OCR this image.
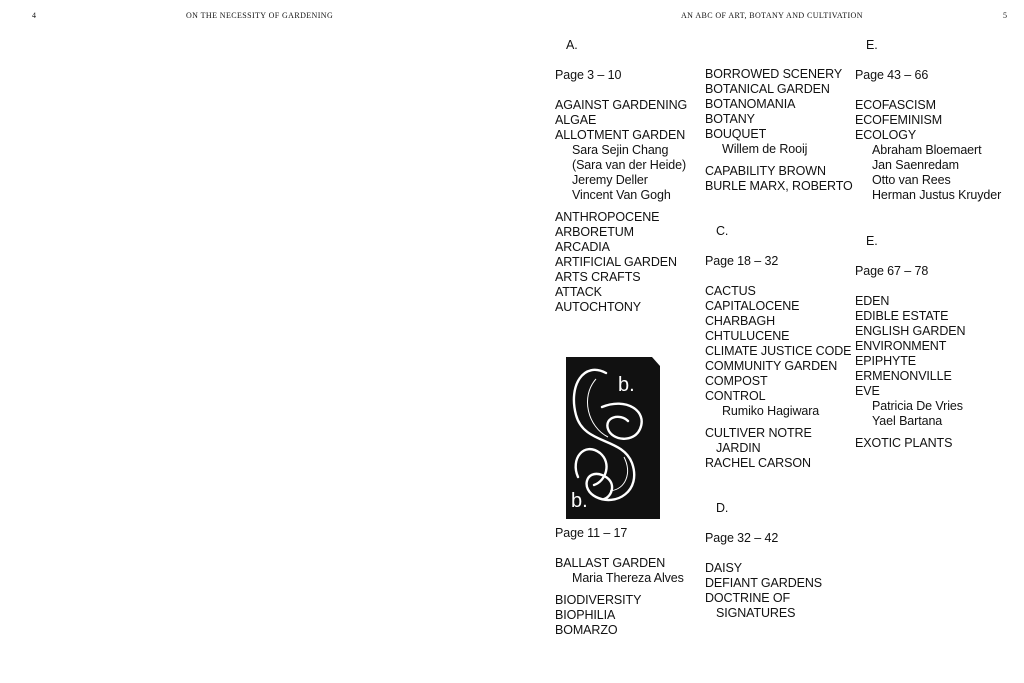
4	ON THE NECESSITY OF GARDENING	AN ABC OF ART, BOTANY AND CULTIVATION	5
A.
Page 3 – 10
AGAINST GARDENING
ALGAE
ALLOTMENT GARDEN
Sara Sejin Chang
(Sara van der Heide)
Jeremy Deller
Vincent Van Gogh
ANTHROPOCENE
ARBORETUM
ARCADIA
ARTIFICIAL GARDEN
ARTS CRAFTS
ATTACK
AUTOCHTONY
b.
b.
Page 11 – 17
BALLAST GARDEN
Maria Thereza Alves
BIODIVERSITY
BIOPHILIA
BOMARZO
BORROWED SCENERY
BOTANICAL GARDEN
BOTANOMANIA
BOTANY
BOUQUET
Willem de Rooij
CAPABILITY BROWN
BURLE MARX, ROBERTO
C.
Page 18 – 32
CACTUS
CAPITALOCENE
CHARBAGH
CHTULUCENE
CLIMATE JUSTICE CODE
COMMUNITY GARDEN
COMPOST
CONTROL
Rumiko Hagiwara
CULTIVER NOTRE
JARDIN
RACHEL CARSON
D.
Page 32 – 42
DAISY
DEFIANT GARDENS
DOCTRINE OF
SIGNATURES
E.
Page 43 – 66
ECOFASCISM
ECOFEMINISM
ECOLOGY
Abraham Bloemaert
Jan Saenredam
Otto van Rees
Herman Justus Kruyder
E.
Page 67 – 78
EDEN
EDIBLE ESTATE
ENGLISH GARDEN
ENVIRONMENT
EPIPHYTE
ERMENONVILLE
EVE
Patricia De Vries
Yael Bartana
EXOTIC PLANTS
